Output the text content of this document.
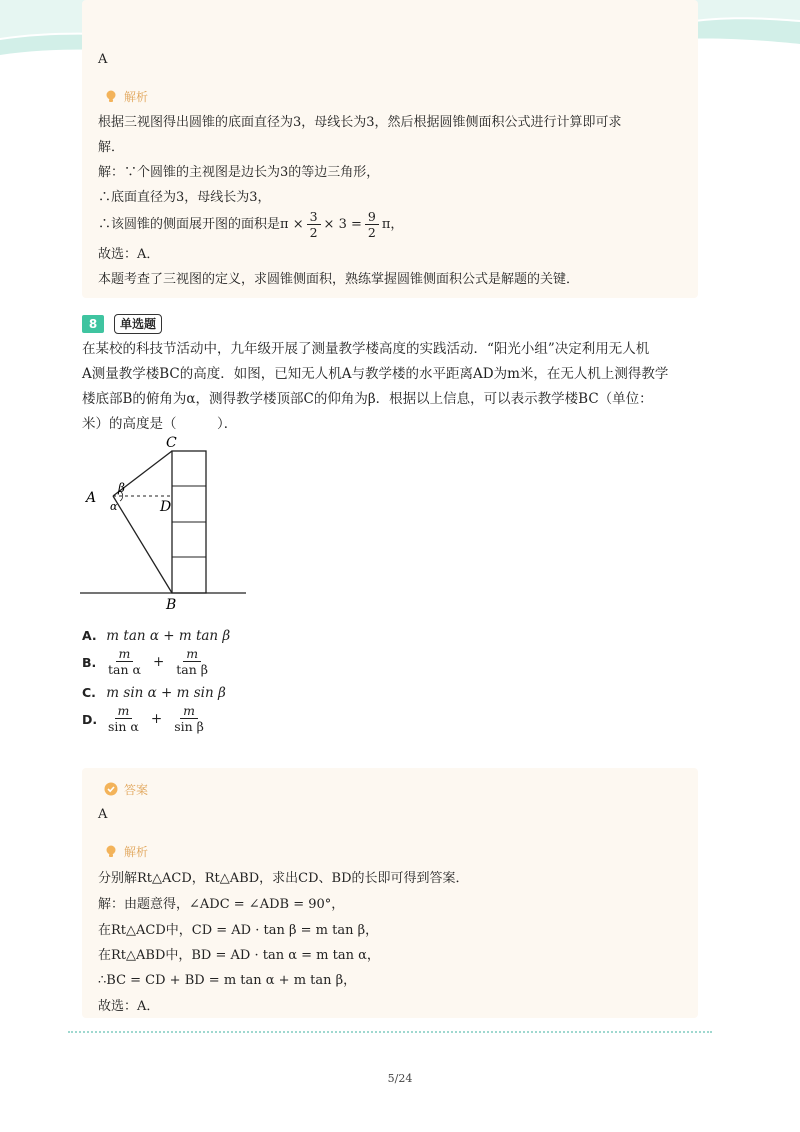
A
解析
根据三视图得出圆锥的底面直径为3，母线长为3，然后根据圆锥侧面积公式进行计算即可求
解．
解：∵个圆锥的主视图是边长为3的等边三角形，
∴底面直径为3，母线长为3，
∴该圆锥的侧面展开图的面积是 $\pi \times \frac{3}{2} \times 3 = \frac{9}{2}$ π，
故选：A．
本题考查了三视图的定义，求圆锥侧面积，熟练掌握圆锥侧面积公式是解题的关键．
8	单选题
在某校的科技节活动中，九年级开展了测量教学楼高度的实践活动．“阳光小组”决定利用无人机
A测量教学楼BC的高度．如图，已知无人机A与教学楼的水平距离AD为m米，在无人机上测得教学
楼底部B的俯角为α，测得教学楼顶部C的仰角为β．根据以上信息，可以表示教学楼BC（单位：
米）的高度是（　　　）．
A
C
D
B
β
α
A. m tan α + m tan β
B. $\frac{m}{\text{tan α}} + \frac{m}{\text{tan β}}$
C. m sin α + m sin β
D. $\frac{m}{\text{sin α}} + \frac{m}{\text{sin β}}$
答案
A
解析
分别解Rt△ACD，Rt△ABD，求出CD、BD的长即可得到答案．
解：由题意得，∠ADC = ∠ADB = 90°，
在Rt△ACD中，CD = AD · tan β = m tan β，
在Rt△ABD中，BD = AD · tan α = m tan α，
∴BC = CD + BD = m tan α + m tan β，
故选：A．
5/24
